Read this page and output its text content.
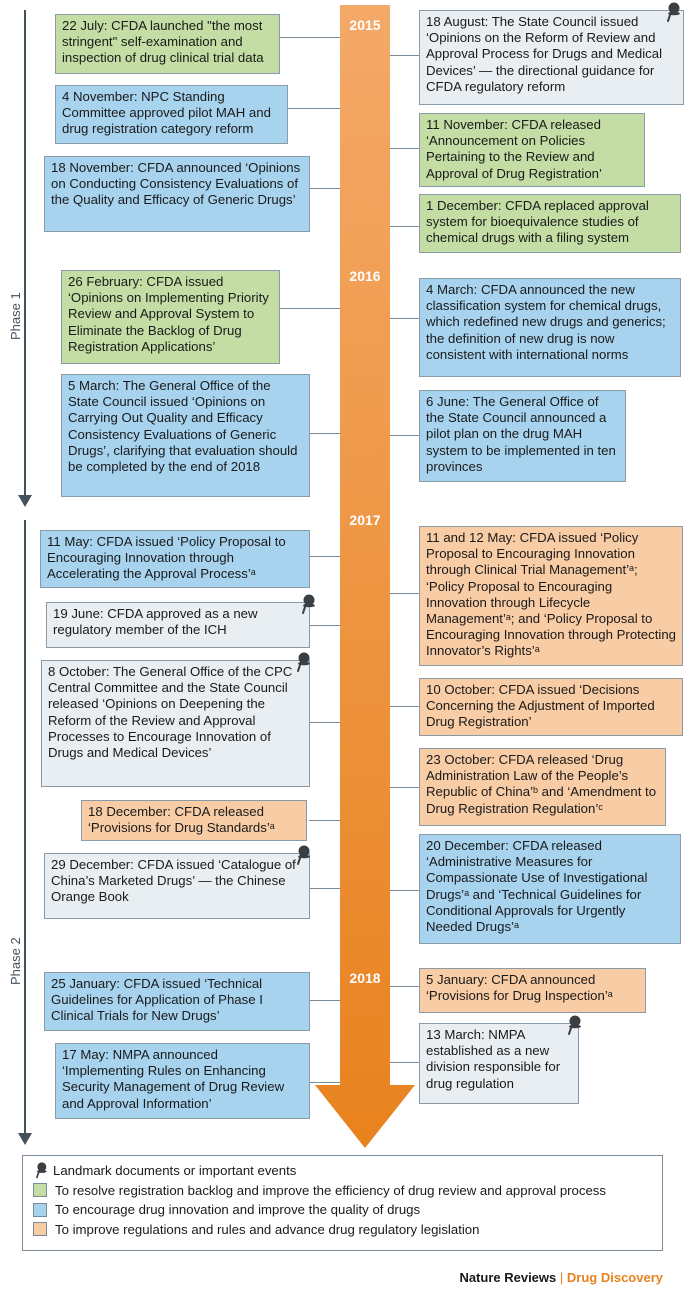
2015
2016
2017
2018
Phase 1
Phase 2
22 July: CFDA launched "the most stringent" self-examination and inspection of drug clinical trial data
4 November: NPC Standing Committee approved pilot MAH and drug registration category reform
18 November: CFDA announced ‘Opinions on Conducting Consistency Evaluations of the Quality and Efficacy of Generic Drugs’
26 February: CFDA issued ‘Opinions on Implementing Priority Review and Approval System to Eliminate the Backlog of Drug Registration Applications’
5 March: The General Office of the State Council issued ‘Opinions on Carrying Out Quality and Efficacy Consistency Evaluations of Generic Drugs’, clarifying that evaluation should be completed by the end of 2018
11 May: CFDA issued ‘Policy Proposal to Encouraging Innovation through Accelerating the Approval Process’ᵃ
19 June: CFDA approved as a new regulatory member of the ICH
8 October: The General Office of the CPC Central Committee and the State Council released ‘Opinions on Deepening the Reform of the Review and Approval Processes to Encourage Innovation of Drugs and Medical Devices’
18 December: CFDA released ‘Provisions for Drug Standards’ᵃ
29 December: CFDA issued ‘Catalogue of China’s Marketed Drugs’ — the Chinese Orange Book
25 January: CFDA issued ‘Technical Guidelines for Application of Phase I Clinical Trials for New Drugs’
17 May: NMPA announced ‘Implementing Rules on Enhancing Security Management of Drug Review and Approval Information’
18 August: The State Council issued ‘Opinions on the Reform of Review and Approval Process for Drugs and Medical Devices’ — the directional guidance for CFDA regulatory reform
11 November: CFDA released ‘Announcement on Policies Pertaining to the Review and Approval of Drug Registration’
1 December: CFDA replaced approval system for bioequivalence studies of chemical drugs with a filing system
4 March: CFDA announced the new classification system for chemical drugs, which redefined new drugs and generics; the definition of new drug is now consistent with international norms
6 June: The General Office of the State Council announced a pilot plan on the drug MAH system to be implemented in ten provinces
11 and 12 May: CFDA issued ‘Policy Proposal to Encouraging Innovation through Clinical Trial Management’ᵃ; ‘Policy Proposal to Encouraging Innovation through Lifecycle Management’ᵃ; and ‘Policy Proposal to Encouraging Innovation through Protecting Innovator’s Rights’ᵃ
10 October: CFDA issued ‘Decisions Concerning the Adjustment of Imported Drug Registration’
23 October: CFDA released ‘Drug Administration Law of the People’s Republic of China’ᵇ and ‘Amendment to Drug Registration Regulation’ᶜ
20 December: CFDA released ‘Administrative Measures for Compassionate Use of Investigational Drugs’ᵃ and ‘Technical Guidelines for Conditional Approvals for Urgently Needed Drugs’ᵃ
5 January: CFDA announced ‘Provisions for Drug Inspection’ᵃ
13 March: NMPA established as a new division responsible for drug regulation
Landmark documents or important events
To resolve registration backlog and improve the efficiency of drug review and approval process
To encourage drug innovation and improve the quality of drugs
To improve regulations and rules and advance drug regulatory legislation
Nature Reviews | Drug Discovery
